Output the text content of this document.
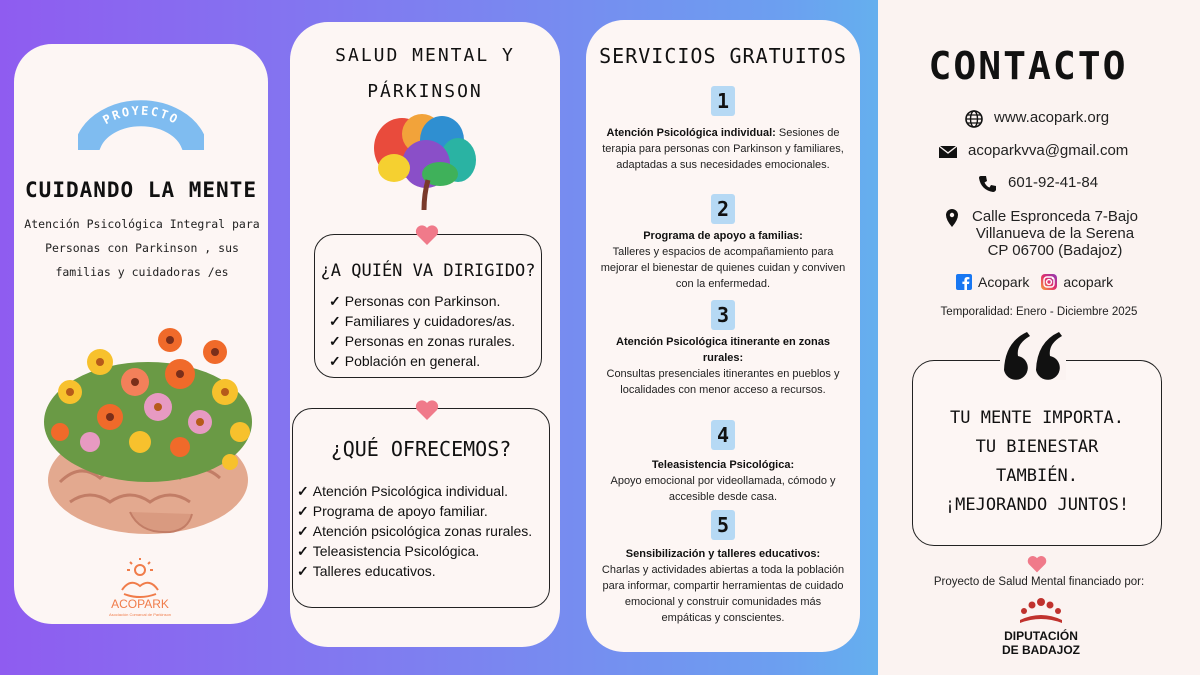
PROYECTO
CUIDANDO LA MENTE
Atención Psicológica Integral para
Personas con Parkinson , sus
familias y cuidadoras /es
ACOPARK
Asociación Comarcal de Parkinson
SALUD MENTAL Y
PÁRKINSON
¿A QUIÉN VA DIRIGIDO?
✓ Personas con Parkinson.
✓ Familiares y cuidadores/as.
✓ Personas en zonas rurales.
✓ Población en general.
¿QUÉ OFRECEMOS?
✓ Atención Psicológica individual.
✓ Programa de apoyo familiar.
✓ Atención psicológica zonas rurales.
✓ Teleasistencia Psicológica.
✓ Talleres educativos.
SERVICIOS GRATUITOS
1
Atención Psicológica individual: Sesiones de terapia para personas con Parkinson y familiares, adaptadas a sus necesidades emocionales.
2
Programa de apoyo a familias:
Talleres y espacios de acompañamiento para mejorar el bienestar de quienes cuidan y conviven con la enfermedad.
3
Atención Psicológica itinerante en zonas rurales:
Consultas presenciales itinerantes en pueblos y localidades con menor acceso a recursos.
4
Teleasistencia Psicológica:
Apoyo emocional por videollamada, cómodo y accesible desde casa.
5
Sensibilización y talleres educativos:
Charlas y actividades abiertas a toda la población para informar, compartir herramientas de cuidado emocional y construir comunidades más empáticas y conscientes.
CONTACTO
www.acopark.org
acoparkvva@gmail.com
601-92-41-84
Calle Espronceda 7-Bajo
Villanueva de la Serena
CP 06700 (Badajoz)
Acopark acopark
Temporalidad: Enero - Diciembre 2025
TU MENTE IMPORTA.
TU BIENESTAR
TAMBIÉN.
¡MEJORANDO JUNTOS!
Proyecto de Salud Mental financiado por:
DIPUTACIÓN
DE BADAJOZ
